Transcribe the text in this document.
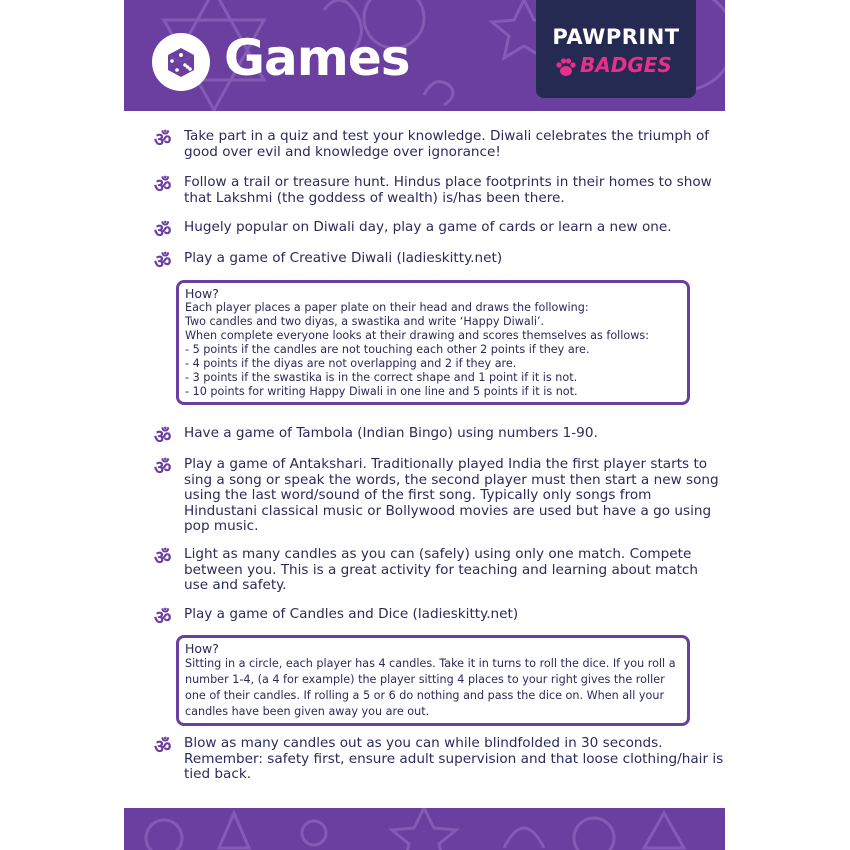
Games	PAWPRINT
BADGES
ॐ Take part in a quiz and test your knowledge. Diwali celebrates the triumph of good over evil and knowledge over ignorance!
ॐ Follow a trail or treasure hunt. Hindus place footprints in their homes to show that Lakshmi (the goddess of wealth) is/has been there.
ॐ Hugely popular on Diwali day, play a game of cards or learn a new one.
ॐ Play a game of Creative Diwali (ladieskitty.net)
How?
Each player places a paper plate on their head and draws the following:
Two candles and two diyas, a swastika and write ‘Happy Diwali’.
When complete everyone looks at their drawing and scores themselves as follows:
- 5 points if the candles are not touching each other 2 points if they are.
- 4 points if the diyas are not overlapping and 2 if they are.
- 3 points if the swastika is in the correct shape and 1 point if it is not.
- 10 points for writing Happy Diwali in one line and 5 points if it is not.
ॐ Have a game of Tambola (Indian Bingo) using numbers 1-90.
ॐ Play a game of Antakshari. Traditionally played India the first player starts to sing a song or speak the words, the second player must then start a new song using the last word/sound of the first song. Typically only songs from Hindustani classical music or Bollywood movies are used but have a go using pop music.
ॐ Light as many candles as you can (safely) using only one match. Compete between you. This is a great activity for teaching and learning about match use and safety.
ॐ Play a game of Candles and Dice (ladieskitty.net)
How?
Sitting in a circle, each player has 4 candles. Take it in turns to roll the dice. If you roll a number 1-4, (a 4 for example) the player sitting 4 places to your right gives the roller one of their candles. If rolling a 5 or 6 do nothing and pass the dice on. When all your candles have been given away you are out.
ॐ Blow as many candles out as you can while blindfolded in 30 seconds. Remember: safety first, ensure adult supervision and that loose clothing/hair is tied back.
